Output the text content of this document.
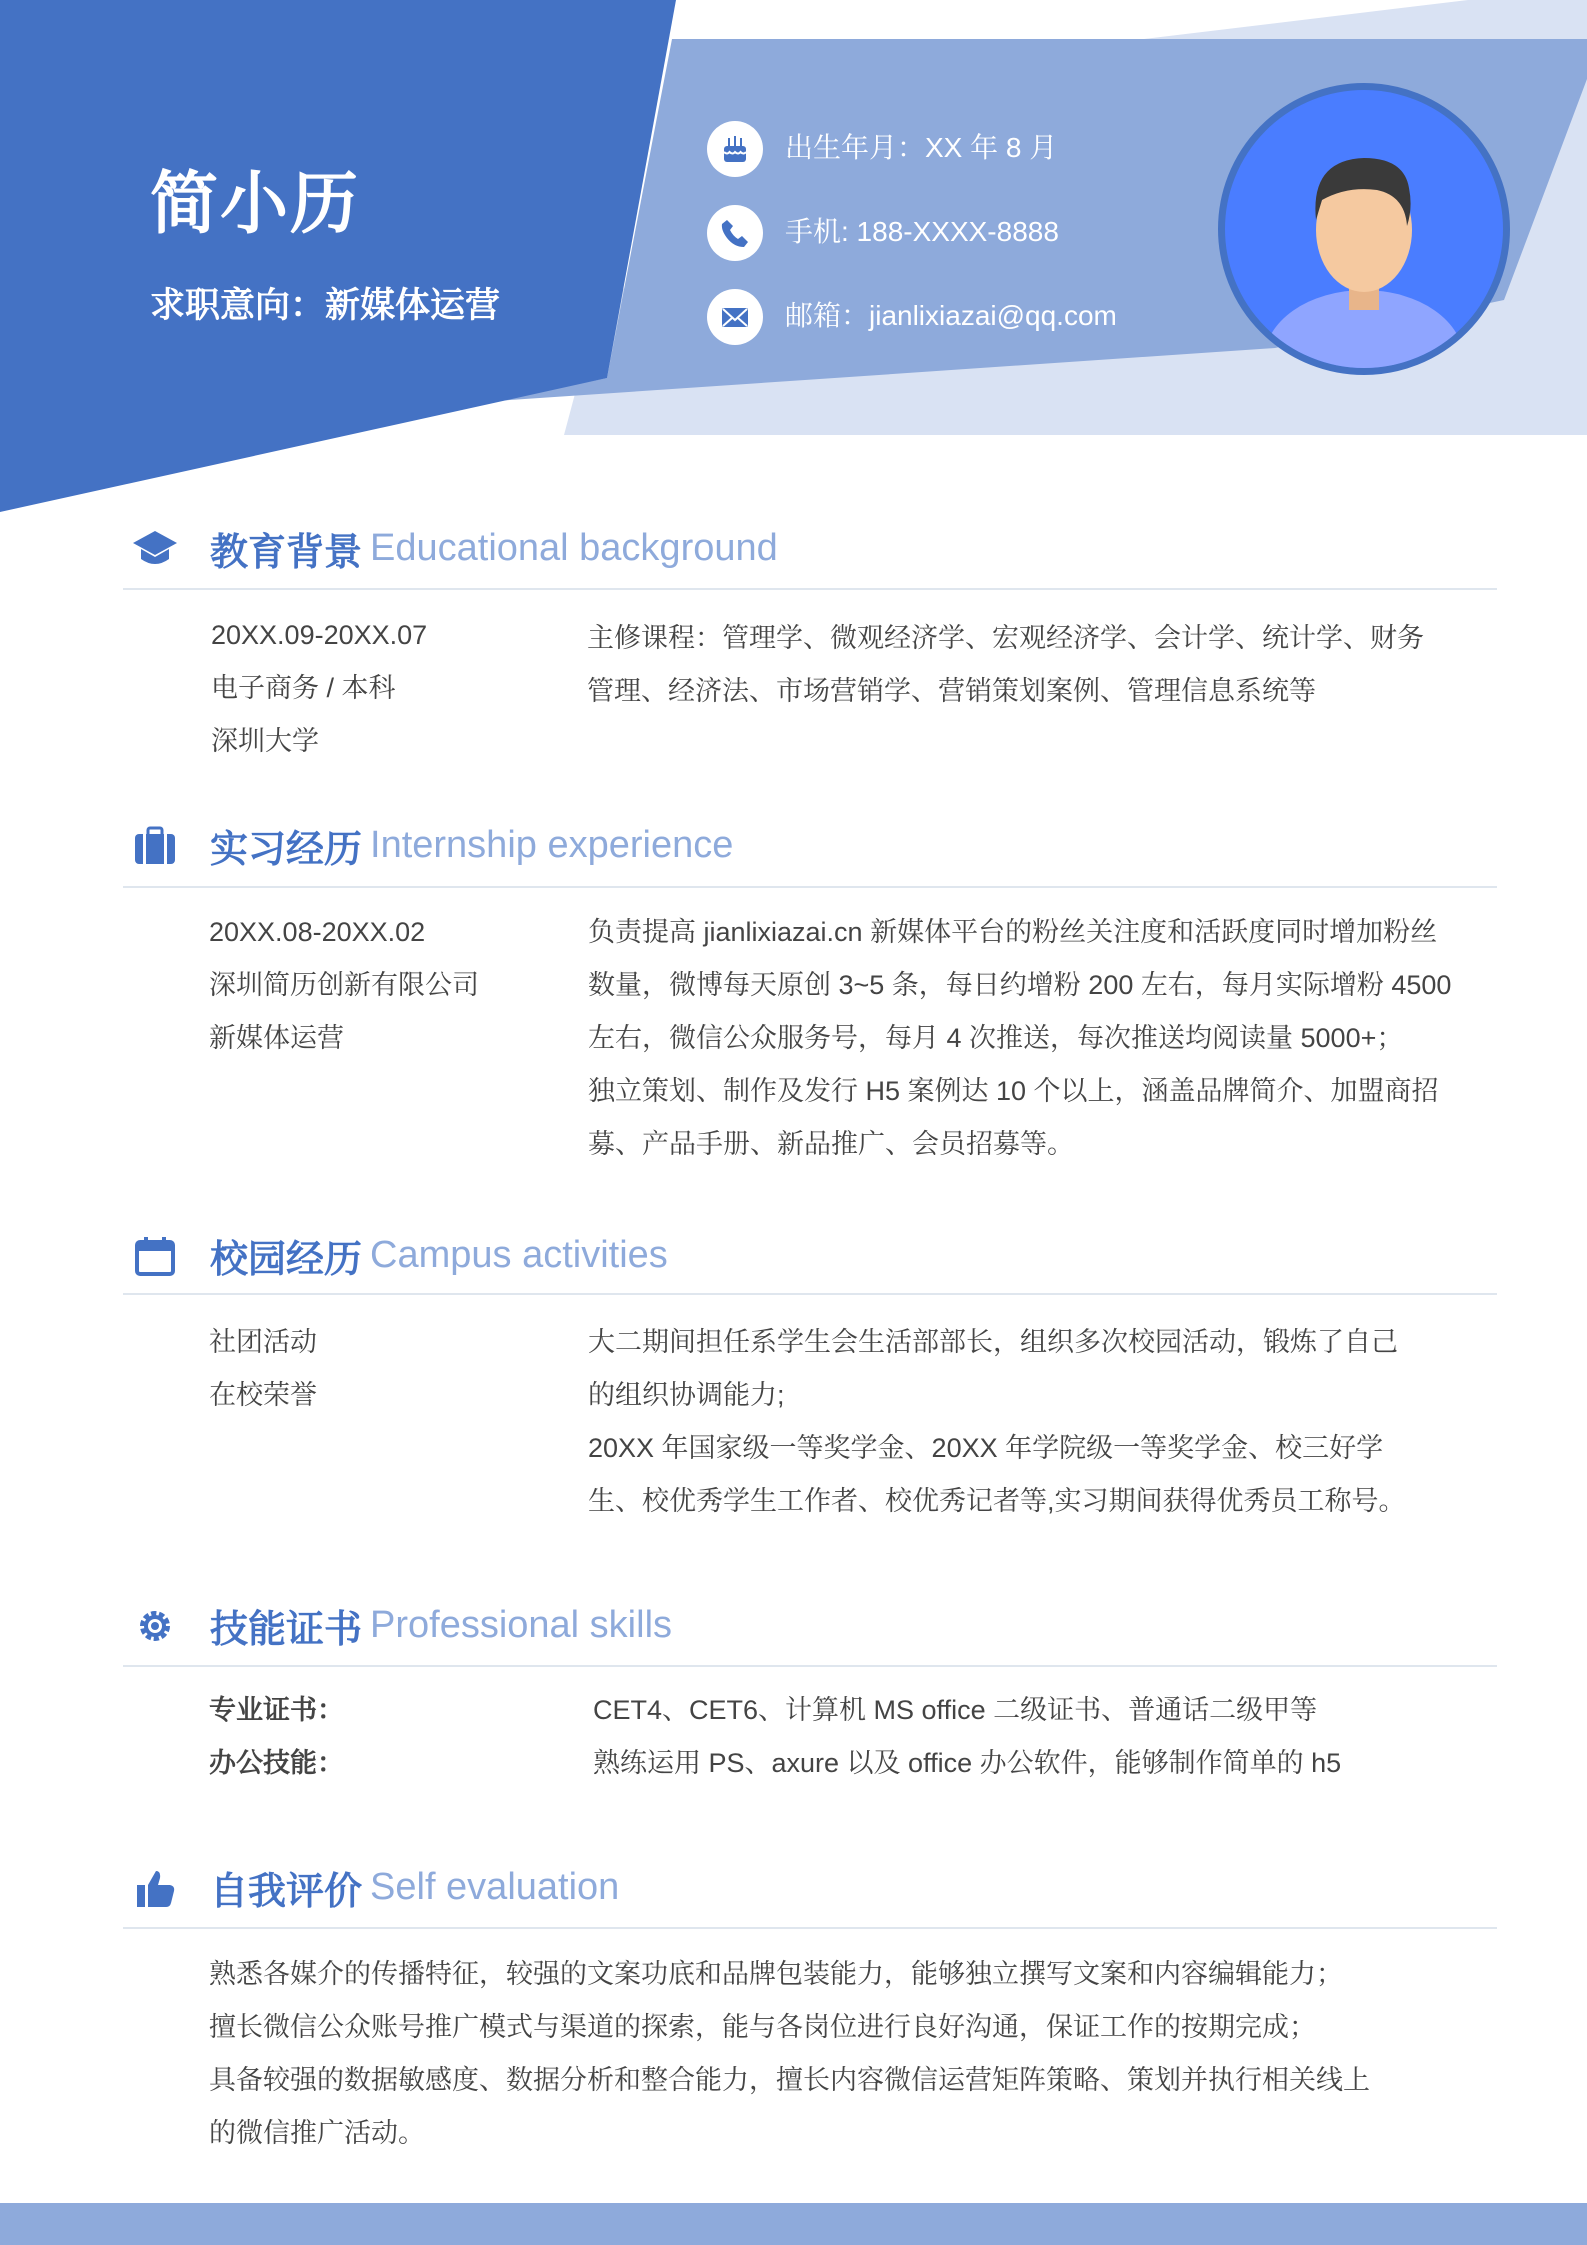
简小历
求职意向：新媒体运营
出生年月：XX 年 8 月
手机: 188-XXXX-8888
邮箱：jianlixiazai@qq.com
教育背景 Educational background
20XX.09-20XX.07
电子商务 / 本科
深圳大学
主修课程：管理学、微观经济学、宏观经济学、会计学、统计学、财务
管理、经济法、市场营销学、营销策划案例、管理信息系统等
实习经历 Internship experience
20XX.08-20XX.02
深圳简历创新有限公司
新媒体运营
负责提高 jianlixiazai.cn 新媒体平台的粉丝关注度和活跃度同时增加粉丝
数量，微博每天原创 3~5 条，每日约增粉 200 左右，每月实际增粉 4500
左右，微信公众服务号，每月 4 次推送，每次推送均阅读量 5000+；
独立策划、制作及发行 H5 案例达 10 个以上，涵盖品牌简介、加盟商招
募、产品手册、新品推广、会员招募等。
校园经历 Campus activities
社团活动
在校荣誉
大二期间担任系学生会生活部部长，组织多次校园活动，锻炼了自己
的组织协调能力;
20XX 年国家级一等奖学金、20XX 年学院级一等奖学金、校三好学
生、校优秀学生工作者、校优秀记者等,实习期间获得优秀员工称号。
技能证书 Professional skills
专业证书：
办公技能：
CET4、CET6、计算机 MS office 二级证书、普通话二级甲等
熟练运用 PS、axure 以及 office 办公软件，能够制作简单的 h5
自我评价 Self evaluation
熟悉各媒介的传播特征，较强的文案功底和品牌包装能力，能够独立撰写文案和内容编辑能力；
擅长微信公众账号推广模式与渠道的探索，能与各岗位进行良好沟通，保证工作的按期完成；
具备较强的数据敏感度、数据分析和整合能力，擅长内容微信运营矩阵策略、策划并执行相关线上
的微信推广活动。
